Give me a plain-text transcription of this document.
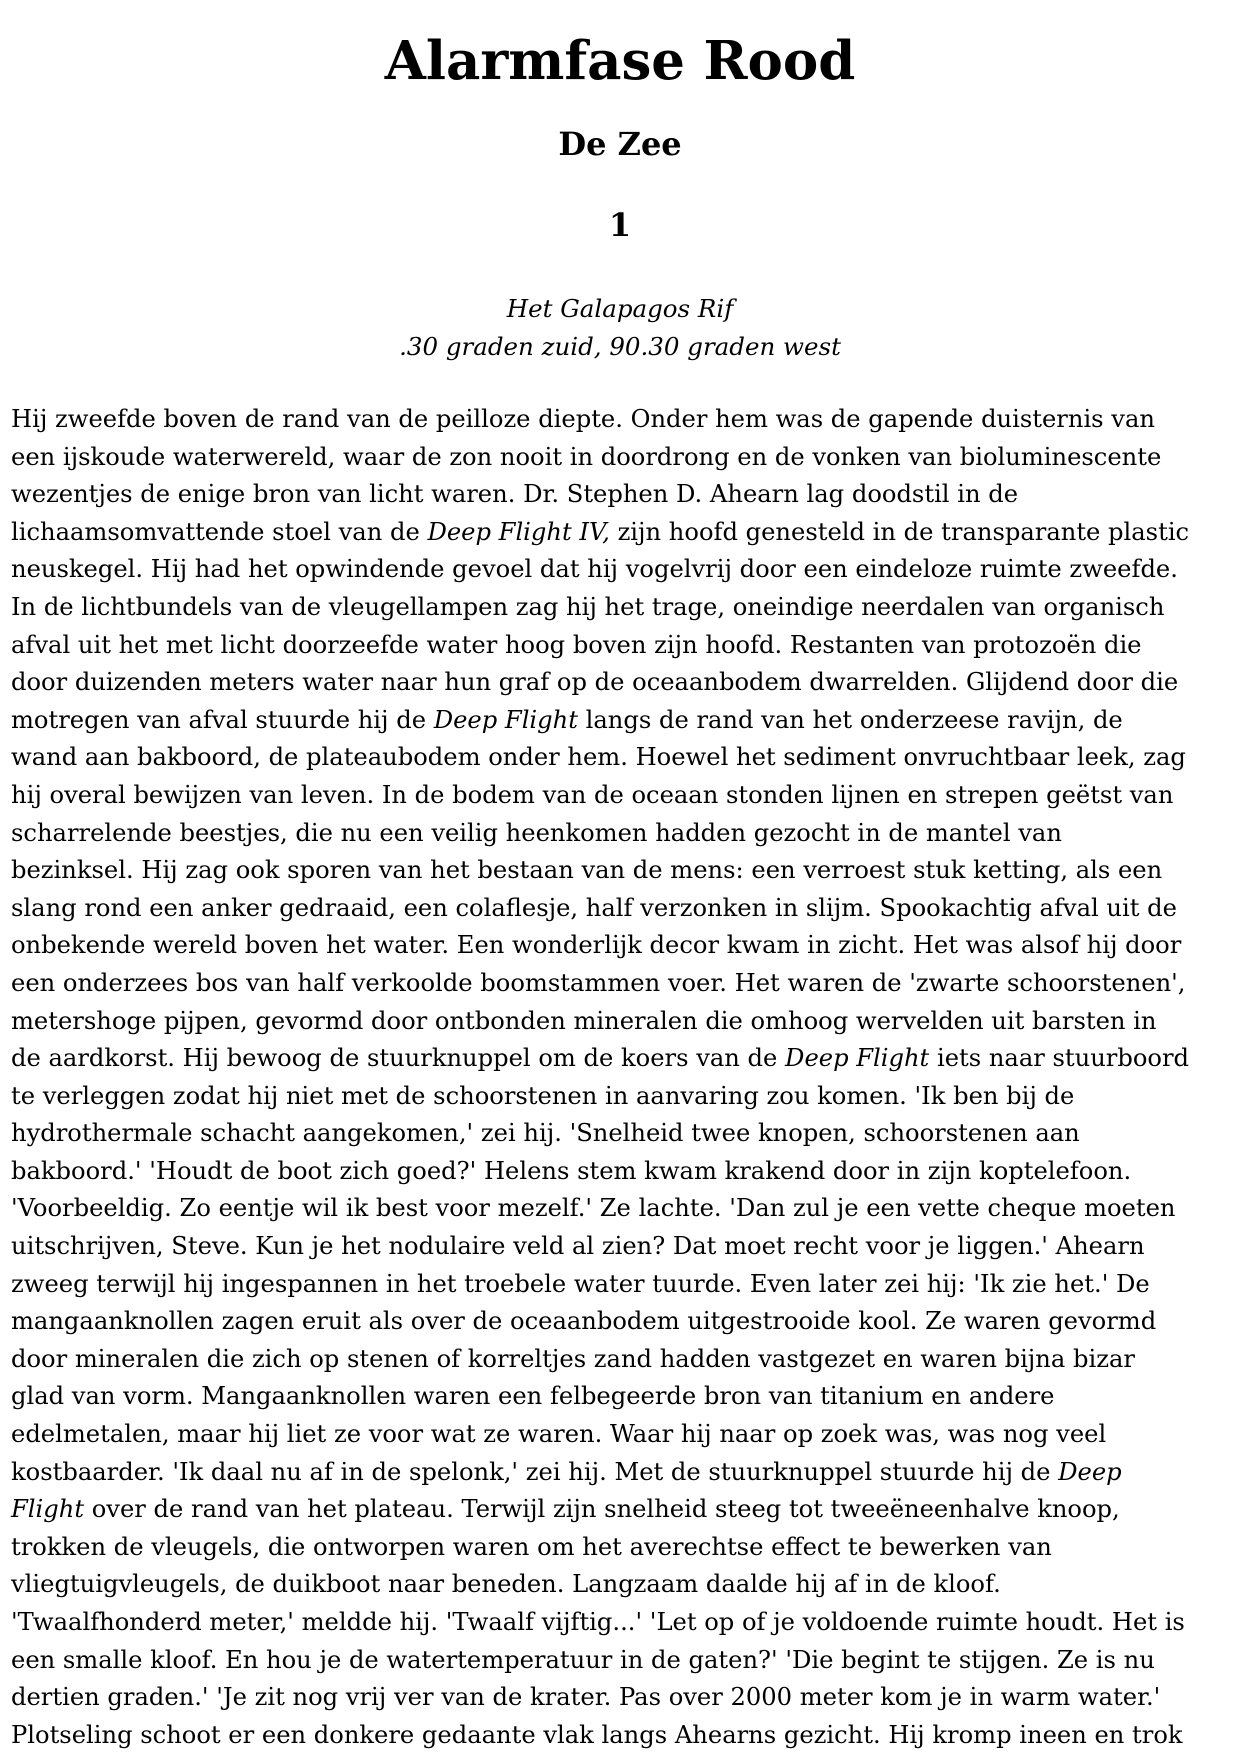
Alarmfase Rood
De Zee
1
Het Galapagos Rif
.30 graden zuid, 90.30 graden west
Hij zweefde boven de rand van de peilloze diepte. Onder hem was de gapende duisternis van
een ijskoude waterwereld, waar de zon nooit in doordrong en de vonken van bioluminescente
wezentjes de enige bron van licht waren. Dr. Stephen D. Ahearn lag doodstil in de
lichaamsomvattende stoel van de Deep Flight IV, zijn hoofd genesteld in de transparante plastic
neuskegel. Hij had het opwindende gevoel dat hij vogelvrij door een eindeloze ruimte zweefde.
In de lichtbundels van de vleugellampen zag hij het trage, oneindige neerdalen van organisch
afval uit het met licht doorzeefde water hoog boven zijn hoofd. Restanten van protozoën die
door duizenden meters water naar hun graf op de oceaanbodem dwarrelden. Glijdend door die
motregen van afval stuurde hij de Deep Flight langs de rand van het onderzeese ravijn, de
wand aan bakboord, de plateaubodem onder hem. Hoewel het sediment onvruchtbaar leek, zag
hij overal bewijzen van leven. In de bodem van de oceaan stonden lijnen en strepen geëtst van
scharrelende beestjes, die nu een veilig heenkomen hadden gezocht in de mantel van
bezinksel. Hij zag ook sporen van het bestaan van de mens: een verroest stuk ketting, als een
slang rond een anker gedraaid, een colaflesje, half verzonken in slijm. Spookachtig afval uit de
onbekende wereld boven het water. Een wonderlijk decor kwam in zicht. Het was alsof hij door
een onderzees bos van half verkoolde boomstammen voer. Het waren de 'zwarte schoorstenen',
metershoge pijpen, gevormd door ontbonden mineralen die omhoog wervelden uit barsten in
de aardkorst. Hij bewoog de stuurknuppel om de koers van de Deep Flight iets naar stuurboord
te verleggen zodat hij niet met de schoorstenen in aanvaring zou komen. 'Ik ben bij de
hydrothermale schacht aangekomen,' zei hij. 'Snelheid twee knopen, schoorstenen aan
bakboord.' 'Houdt de boot zich goed?' Helens stem kwam krakend door in zijn koptelefoon.
'Voorbeeldig. Zo eentje wil ik best voor mezelf.' Ze lachte. 'Dan zul je een vette cheque moeten
uitschrijven, Steve. Kun je het nodulaire veld al zien? Dat moet recht voor je liggen.' Ahearn
zweeg terwijl hij ingespannen in het troebele water tuurde. Even later zei hij: 'Ik zie het.' De
mangaanknollen zagen eruit als over de oceaanbodem uitgestrooide kool. Ze waren gevormd
door mineralen die zich op stenen of korreltjes zand hadden vastgezet en waren bijna bizar
glad van vorm. Mangaanknollen waren een felbegeerde bron van titanium en andere
edelmetalen, maar hij liet ze voor wat ze waren. Waar hij naar op zoek was, was nog veel
kostbaarder. 'Ik daal nu af in de spelonk,' zei hij. Met de stuurknuppel stuurde hij de Deep
Flight over de rand van het plateau. Terwijl zijn snelheid steeg tot tweeëneenhalve knoop,
trokken de vleugels, die ontworpen waren om het averechtse effect te bewerken van
vliegtuigvleugels, de duikboot naar beneden. Langzaam daalde hij af in de kloof.
'Twaalfhonderd meter,' meldde hij. 'Twaalf vijftig...' 'Let op of je voldoende ruimte houdt. Het is
een smalle kloof. En hou je de watertemperatuur in de gaten?' 'Die begint te stijgen. Ze is nu
dertien graden.' 'Je zit nog vrij ver van de krater. Pas over 2000 meter kom je in warm water.'
Plotseling schoot er een donkere gedaante vlak langs Ahearns gezicht. Hij kromp ineen en trok
